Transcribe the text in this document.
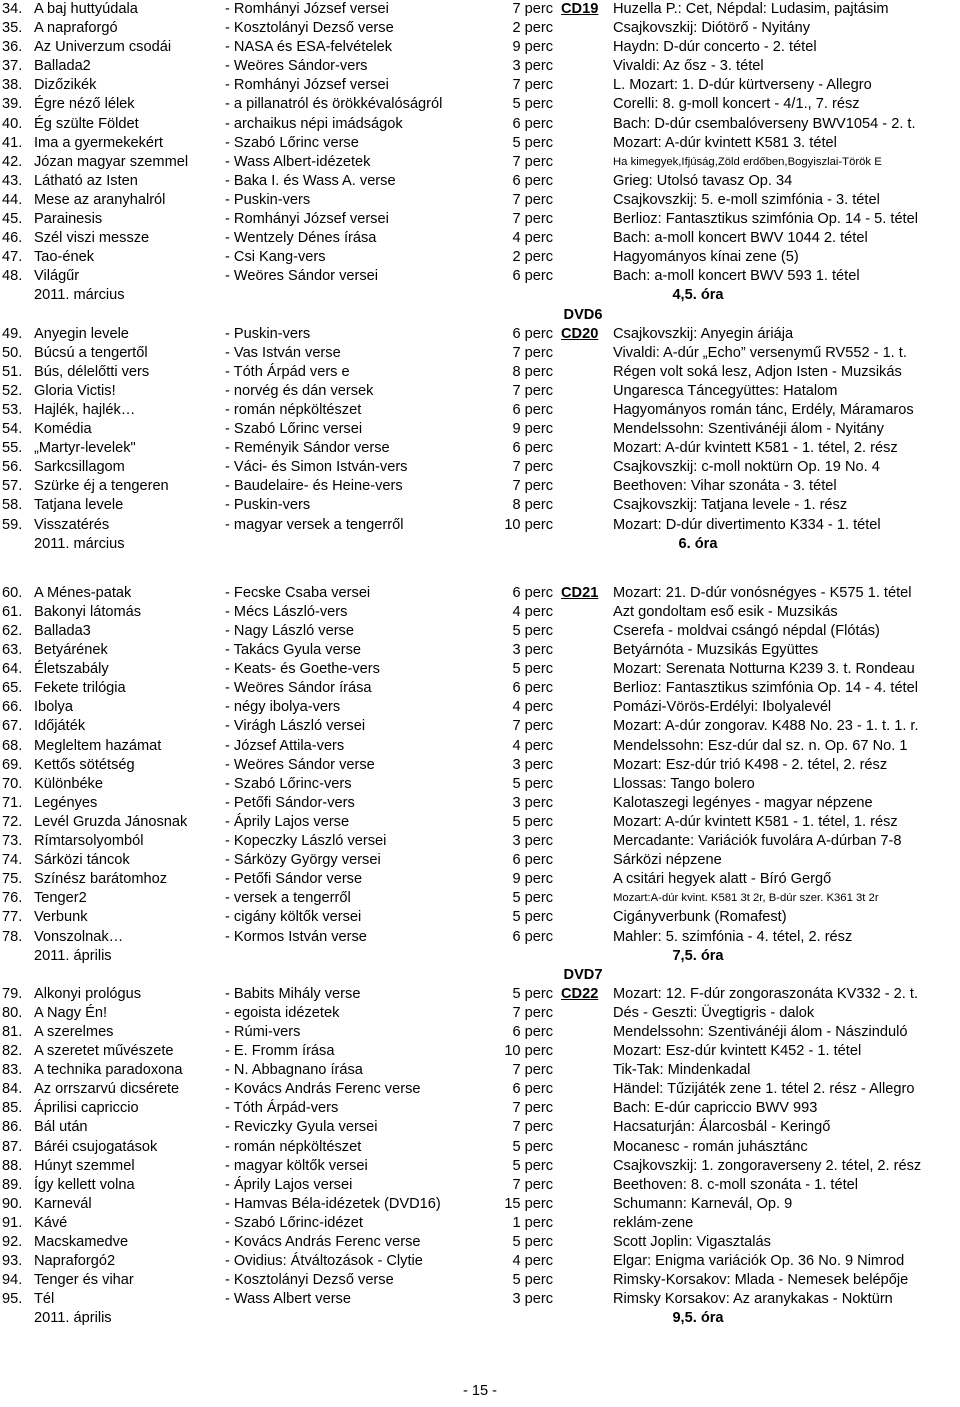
34. A baj huttyúdala	- Romhányi József versei	7 perc CD19 Huzella P.: Cet, Népdal: Ludasim, pajtásim
35. A napraforgó	- Kosztolányi Dezső verse	2 perc	Csajkovszkij: Diótörő - Nyitány
36. Az Univerzum csodái	- NASA és ESA-felvételek	9 perc	Haydn: D-dúr concerto - 2. tétel
37. Ballada2	- Weöres Sándor-vers	3 perc	Vivaldi: Az ősz - 3. tétel
38. Dizőzikék	- Romhányi József versei	7 perc	L. Mozart: 1. D-dúr kürtverseny - Allegro
39. Égre néző lélek	- a pillanatról és örökkévalóságról	5 perc	Corelli: 8. g-moll koncert - 4/1., 7. rész
40. Ég szülte Földet	- archaikus népi imádságok	6 perc	Bach: D-dúr csembalóverseny BWV1054 - 2. t.
41. Ima a gyermekekért	- Szabó Lőrinc verse	5 perc	Mozart: A-dúr kvintett K581 3. tétel
42. Józan magyar szemmel	- Wass Albert-idézetek	7 perc	Ha kimegyek,Ifjúság,Zöld erdőben,Bogyiszlai-Török E
43. Látható az Isten	- Baka I. és Wass A. verse	6 perc	Grieg: Utolsó tavasz Op. 34
44. Mese az aranyhalról	- Puskin-vers	7 perc	Csajkovszkij: 5. e-moll szimfónia - 3. tétel
45. Parainesis	- Romhányi József versei	7 perc	Berlioz: Fantasztikus szimfónia Op. 14 - 5. tétel
46. Szél viszi messze	- Wentzely Dénes írása	4 perc	Bach: a-moll koncert BWV 1044 2. tétel
47. Tao-ének	- Csi Kang-vers	2 perc	Hagyományos kínai zene (5)
48. Világűr	- Weöres Sándor versei	6 perc	Bach: a-moll koncert BWV 593 1. tétel
2011. március	4,5. óra
DVD6
49. Anyegin levele	- Puskin-vers	6 perc CD20 Csajkovszkij: Anyegin áriája
50. Búcsú a tengertől	- Vas István verse	7 perc	Vivaldi: A-dúr „Echo” versenymű RV552 - 1. t.
51. Bús, délelőtti vers	- Tóth Árpád vers e	8 perc	Régen volt soká lesz, Adjon Isten - Muzsikás
52. Gloria Victis!	- norvég és dán versek	7 perc	Ungaresca Táncegyüttes: Hatalom
53. Hajlék, hajlék…	- román népköltészet	6 perc	Hagyományos román tánc, Erdély, Máramaros
54. Komédia	- Szabó Lőrinc versei	9 perc	Mendelssohn: Szentivánéji álom - Nyitány
55. „Martyr-levelek"	- Reményik Sándor verse	6 perc	Mozart: A-dúr kvintett K581 - 1. tétel, 2. rész
56. Sarkcsillagom	- Váci- és Simon István-vers	7 perc	Csajkovszkij: c-moll noktürn Op. 19 No. 4
57. Szürke éj a tengeren	- Baudelaire- és Heine-vers	7 perc	Beethoven: Vihar szonáta - 3. tétel
58. Tatjana levele	- Puskin-vers	8 perc	Csajkovszkij: Tatjana levele - 1. rész
59. Visszatérés	- magyar versek a tengerről	10 perc	Mozart: D-dúr divertimento K334 - 1. tétel
2011. március	6. óra
60. A Ménes-patak	- Fecske Csaba versei	6 perc CD21 Mozart: 21. D-dúr vonósnégyes - K575 1. tétel
61. Bakonyi látomás	- Mécs László-vers	4 perc	Azt gondoltam eső esik - Muzsikás
62. Ballada3	- Nagy László verse	5 perc	Cserefa - moldvai csángó népdal (Flótás)
63. Betyárének	- Takács Gyula verse	3 perc	Betyárnóta - Muzsikás Együttes
64. Életszabály	- Keats- és Goethe-vers	5 perc	Mozart: Serenata Notturna K239 3. t. Rondeau
65. Fekete trilógia	- Weöres Sándor írása	6 perc	Berlioz: Fantasztikus szimfónia Op. 14 - 4. tétel
66. Ibolya	- négy ibolya-vers	4 perc	Pomázi-Vörös-Erdélyi: Ibolyalevél
67. Időjáték	- Virágh László versei	7 perc	Mozart: A-dúr zongorav. K488 No. 23 - 1. t. 1. r.
68. Megleltem hazámat	- József Attila-vers	4 perc	Mendelssohn: Esz-dúr dal sz. n. Op. 67 No. 1
69. Kettős sötétség	- Weöres Sándor verse	3 perc	Mozart: Esz-dúr trió K498 - 2. tétel, 2. rész
70. Különbéke	- Szabó Lőrinc-vers	5 perc	Llossas: Tango bolero
71. Legényes	- Petőfi Sándor-vers	3 perc	Kalotaszegi legényes - magyar népzene
72. Levél Gruzda Jánosnak	- Áprily Lajos verse	5 perc	Mozart: A-dúr kvintett K581 - 1. tétel, 1. rész
73. Rímtarsolyomból	- Kopeczky László versei	3 perc	Mercadante: Variációk fuvolára A-dúrban 7-8
74. Sárközi táncok	- Sárközy György versei	6 perc	Sárközi népzene
75. Színész barátomhoz	- Petőfi Sándor verse	9 perc	A csitári hegyek alatt - Bíró Gergő
76. Tenger2	- versek a tengerről	5 perc	Mozart:A-dúr kvint. K581 3t 2r, B-dúr szer. K361 3t 2r
77. Verbunk	- cigány költők versei	5 perc	Cigányverbunk (Romafest)
78. Vonszolnak…	- Kormos István verse	6 perc	Mahler: 5. szimfónia - 4. tétel, 2. rész
2011. április	7,5. óra
DVD7
79. Alkonyi prológus	- Babits Mihály verse	5 perc CD22 Mozart: 12. F-dúr zongoraszonáta KV332 - 2. t.
80. A Nagy Én!	- egoista idézetek	7 perc	Dés - Geszti: Üvegtigris - dalok
81. A szerelmes	- Rúmi-vers	6 perc	Mendelssohn: Szentivánéji álom - Nászinduló
82. A szeretet művészete	- E. Fromm írása	10 perc	Mozart: Esz-dúr kvintett K452 - 1. tétel
83. A technika paradoxona	- N. Abbagnano írása	7 perc	Tik-Tak: Mindenkadal
84. Az orrszarvú dicsérete	- Kovács András Ferenc verse	6 perc	Händel: Tűzijáték zene 1. tétel 2. rész - Allegro
85. Áprilisi capriccio	- Tóth Árpád-vers	7 perc	Bach: E-dúr capriccio BWV 993
86. Bál után	- Reviczky Gyula versei	7 perc	Hacsaturján: Álarcosbál - Keringő
87. Báréi csujogatások	- román népköltészet	5 perc	Mocanesc - román juhásztánc
88. Húnyt szemmel	- magyar költők versei	5 perc	Csajkovszkij: 1. zongoraverseny 2. tétel, 2. rész
89. Így kellett volna	- Áprily Lajos versei	7 perc	Beethoven: 8. c-moll szonáta - 1. tétel
90. Karnevál	- Hamvas Béla-idézetek (DVD16)	15 perc	Schumann: Karnevál, Op. 9
91. Kávé	- Szabó Lőrinc-idézet	1 perc	reklám-zene
92. Macskamedve	- Kovács András Ferenc verse	5 perc	Scott Joplin: Vigasztalás
93. Napraforgó2	- Ovidius: Átváltozások - Clytie	4 perc	Elgar: Enigma variációk Op. 36 No. 9 Nimrod
94. Tenger és vihar	- Kosztolányi Dezső verse	5 perc	Rimsky-Korsakov: Mlada - Nemesek belépője
95. Tél	- Wass Albert verse	3 perc	Rimsky Korsakov: Az aranykakas - Noktürn
2011. április	9,5. óra
- 15 -
